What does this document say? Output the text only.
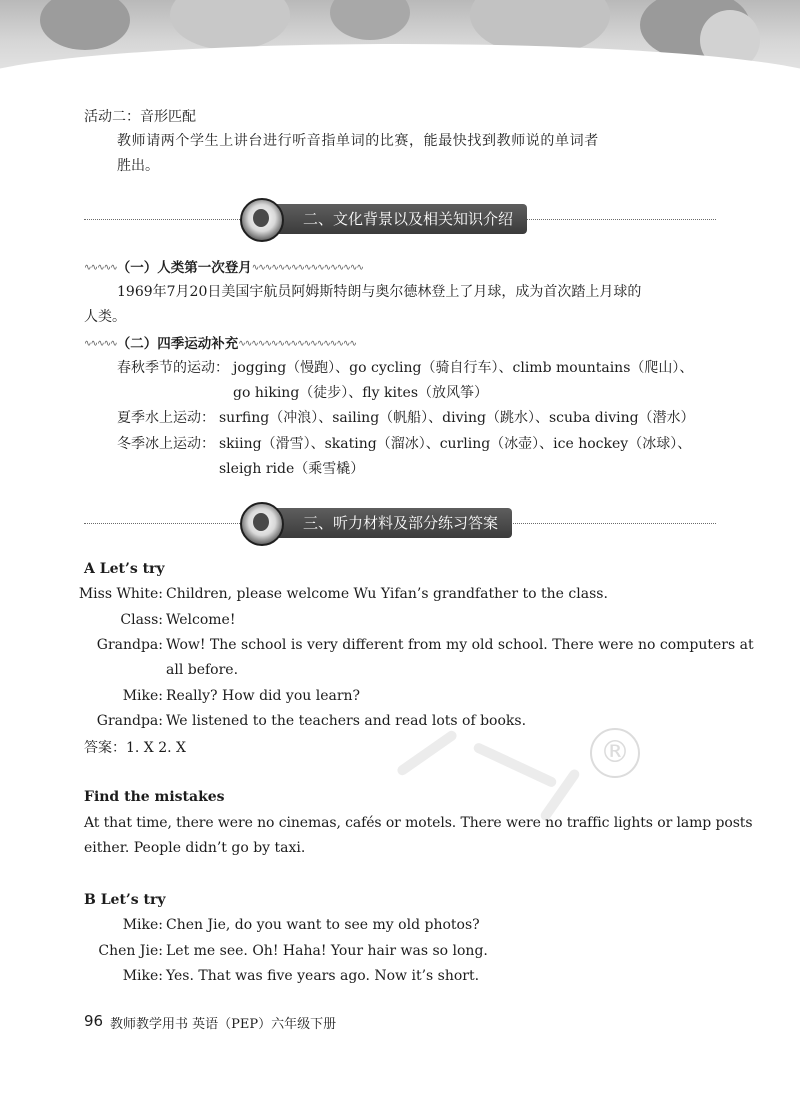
活动二：音形匹配
教师请两个学生上讲台进行听音指单词的比赛，能最快找到教师说的单词者
胜出。
二、文化背景以及相关知识介绍
∿∿∿∿∿（一）人类第一次登月∿∿∿∿∿∿∿∿∿∿∿∿∿∿∿∿∿
1969年7月20日美国宇航员阿姆斯特朗与奥尔德林登上了月球，成为首次踏上月球的
人类。
∿∿∿∿∿（二）四季运动补充∿∿∿∿∿∿∿∿∿∿∿∿∿∿∿∿∿∿
春秋季节的运动： jogging（慢跑）、go cycling（骑自行车）、climb mountains（爬山）、
go hiking（徒步）、fly kites（放风筝）
夏季水上运动： surfing（冲浪）、sailing（帆船）、diving（跳水）、scuba diving（潜水）
冬季冰上运动： skiing（滑雪）、skating（溜冰）、curling（冰壶）、ice hockey（冰球）、
sleigh ride（乘雪橇）
三、听力材料及部分练习答案
®
A Let’s try
Miss White: Children, please welcome Wu Yifan’s grandfather to the class.
Class: Welcome!
Grandpa: Wow! The school is very different from my old school. There were no computers at
all before.
Mike: Really? How did you learn?
Grandpa: We listened to the teachers and read lots of books.
答案：1. X 2. X
Find the mistakes
At that time, there were no cinemas, cafés or motels. There were no traffic lights or lamp posts
either. People didn’t go by taxi.
B Let’s try
Mike: Chen Jie, do you want to see my old photos?
Chen Jie: Let me see. Oh! Haha! Your hair was so long.
Mike: Yes. That was five years ago. Now it’s short.
96 教师教学用书 英语（PEP）六年级下册
